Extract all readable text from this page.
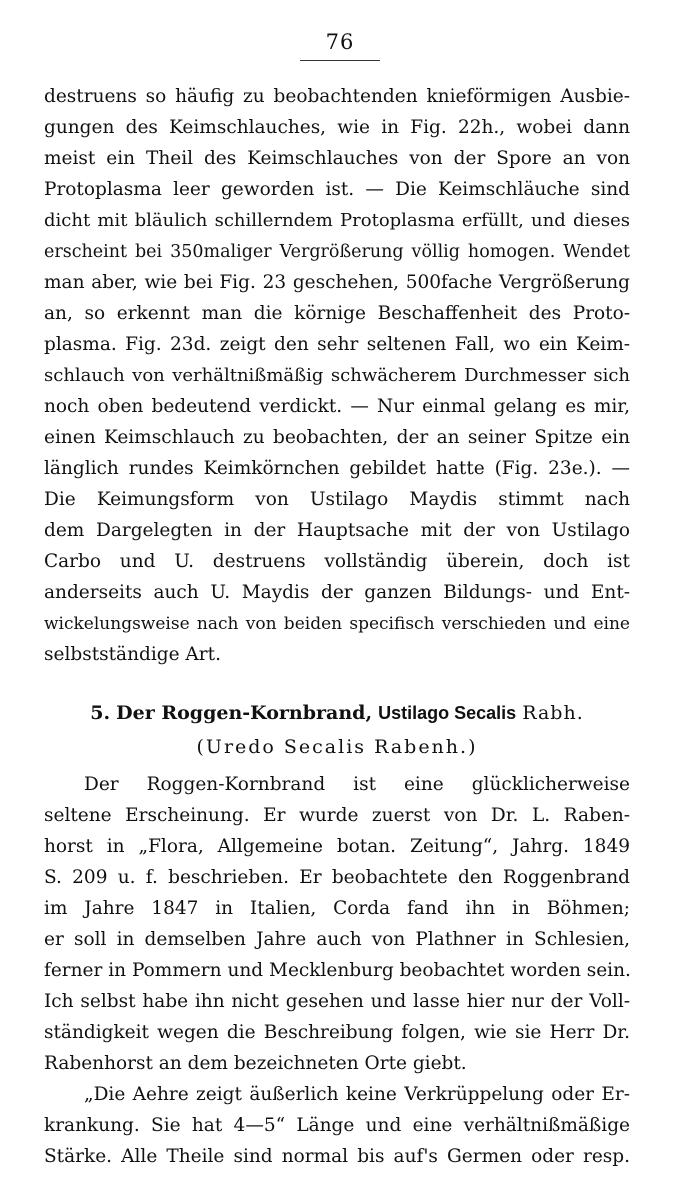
76
destruens so häufig zu beobachtenden knieförmigen Ausbie-
gungen des Keimschlauches, wie in Fig. 22h., wobei dann
meist ein Theil des Keimschlauches von der Spore an von
Protoplasma leer geworden ist. — Die Keimschläuche sind
dicht mit bläulich schillerndem Protoplasma erfüllt, und dieses
erscheint bei 350maliger Vergrößerung völlig homogen. Wendet
man aber, wie bei Fig. 23 geschehen, 500fache Vergrößerung
an, so erkennt man die körnige Beschaffenheit des Proto-
plasma. Fig. 23d. zeigt den sehr seltenen Fall, wo ein Keim-
schlauch von verhältnißmäßig schwächerem Durchmesser sich
noch oben bedeutend verdickt. — Nur einmal gelang es mir,
einen Keimschlauch zu beobachten, der an seiner Spitze ein
länglich rundes Keimkörnchen gebildet hatte (Fig. 23e.). —
Die Keimungsform von Ustilago Maydis stimmt nach
dem Dargelegten in der Hauptsache mit der von Ustilago
Carbo und U. destruens vollständig überein, doch ist
anderseits auch U. Maydis der ganzen Bildungs- und Ent-
wickelungsweise nach von beiden specifisch verschieden und eine
selbstständige Art.
5. Der Roggen-Kornbrand, Ustilago Secalis Rabh.
(Uredo Secalis Rabenh.)
Der Roggen-Kornbrand ist eine glücklicherweise
seltene Erscheinung. Er wurde zuerst von Dr. L. Raben-
horst in „Flora, Allgemeine botan. Zeitung“, Jahrg. 1849
S. 209 u. f. beschrieben. Er beobachtete den Roggenbrand
im Jahre 1847 in Italien, Corda fand ihn in Böhmen;
er soll in demselben Jahre auch von Plathner in Schlesien,
ferner in Pommern und Mecklenburg beobachtet worden sein.
Ich selbst habe ihn nicht gesehen und lasse hier nur der Voll-
ständigkeit wegen die Beschreibung folgen, wie sie Herr Dr.
Rabenhorst an dem bezeichneten Orte giebt.
„Die Aehre zeigt äußerlich keine Verkrüppelung oder Er-
krankung. Sie hat 4—5“ Länge und eine verhältnißmäßige
Stärke. Alle Theile sind normal bis auf's Germen oder resp.
